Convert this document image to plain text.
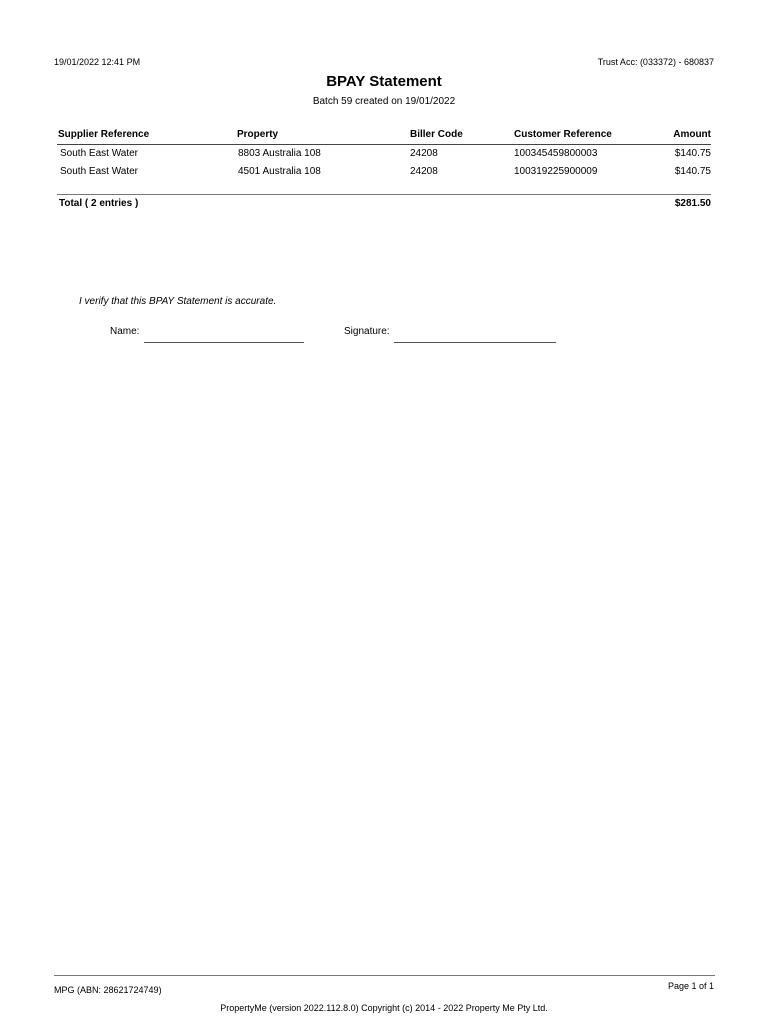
19/01/2022 12:41 PM	Trust Acc: (033372) - 680837
BPAY Statement
Batch 59 created on 19/01/2022
Supplier Reference	Property	Biller Code	Customer Reference	Amount
South East Water	8803 Australia 108	24208	100345459800003	$140.75
South East Water	4501 Australia 108	24208	100319225900009	$140.75
Total ( 2 entries )	$281.50
I verify that this BPAY Statement is accurate.
Name:	Signature:
MPG (ABN: 28621724749)	Page 1 of 1
PropertyMe (version 2022.112.8.0) Copyright (c) 2014 - 2022 Property Me Pty Ltd.
